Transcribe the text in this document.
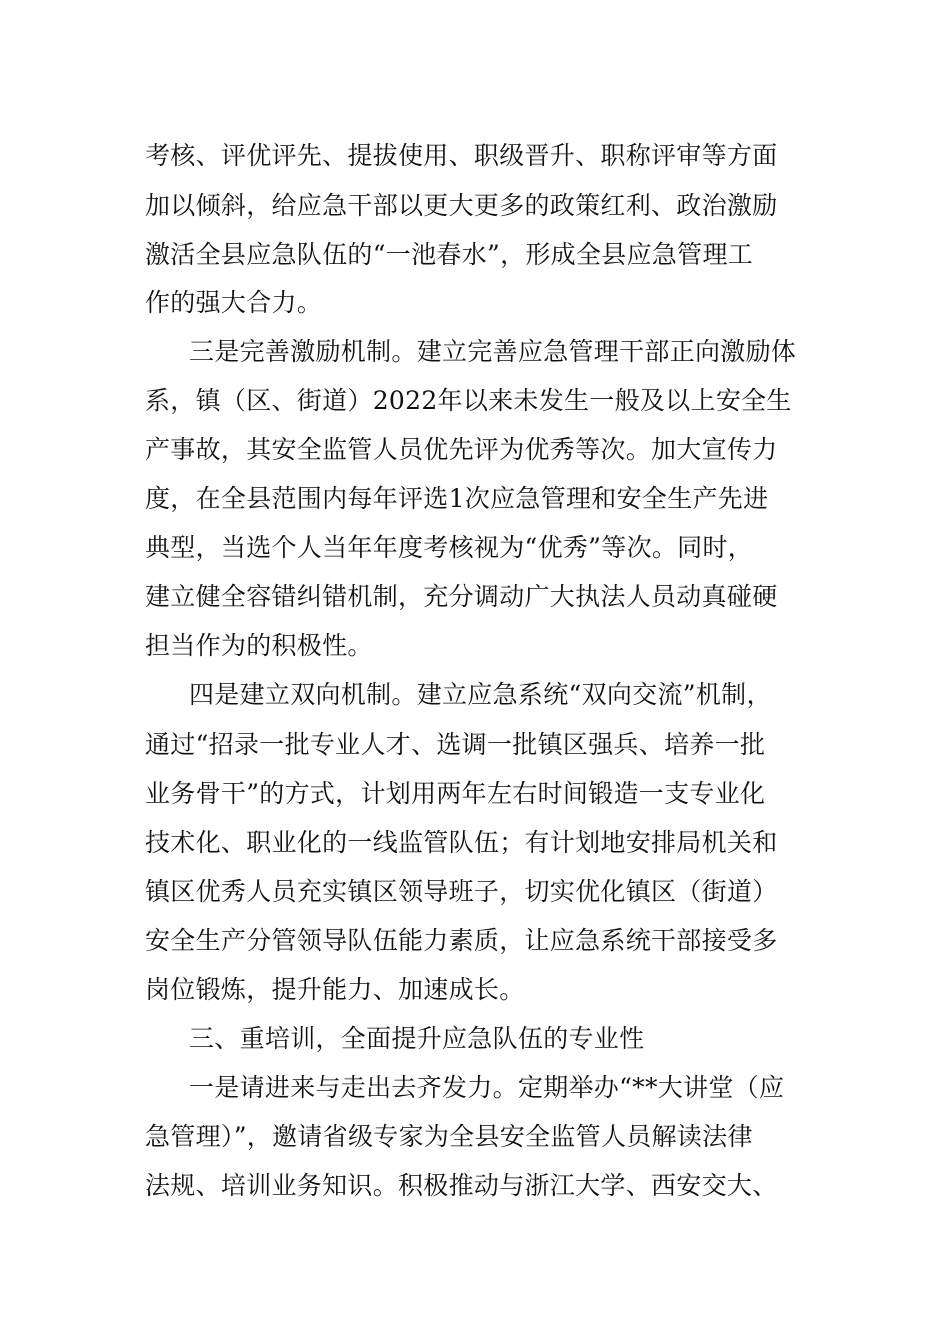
考核、评优评先、提拔使用、职级晋升、职称评审等方面
加以倾斜，给应急干部以更大更多的政策红利、政治激励
激活全县应急队伍的“一池春水”，形成全县应急管理工
作的强大合力。
三是完善激励机制。建立完善应急管理干部正向激励体
系，镇（区、街道）2022年以来未发生一般及以上安全生
产事故，其安全监管人员优先评为优秀等次。加大宣传力
度，在全县范围内每年评选1次应急管理和安全生产先进
典型，当选个人当年年度考核视为“优秀”等次。同时，
建立健全容错纠错机制，充分调动广大执法人员动真碰硬
担当作为的积极性。
四是建立双向机制。建立应急系统“双向交流”机制，
通过“招录一批专业人才、选调一批镇区强兵、培养一批
业务骨干”的方式，计划用两年左右时间锻造一支专业化
技术化、职业化的一线监管队伍；有计划地安排局机关和
镇区优秀人员充实镇区领导班子，切实优化镇区（街道）
安全生产分管领导队伍能力素质，让应急系统干部接受多
岗位锻炼，提升能力、加速成长。
三、重培训，全面提升应急队伍的专业性
一是请进来与走出去齐发力。定期举办“**大讲堂（应
急管理）”，邀请省级专家为全县安全监管人员解读法律
法规、培训业务知识。积极推动与浙江大学、西安交大、
